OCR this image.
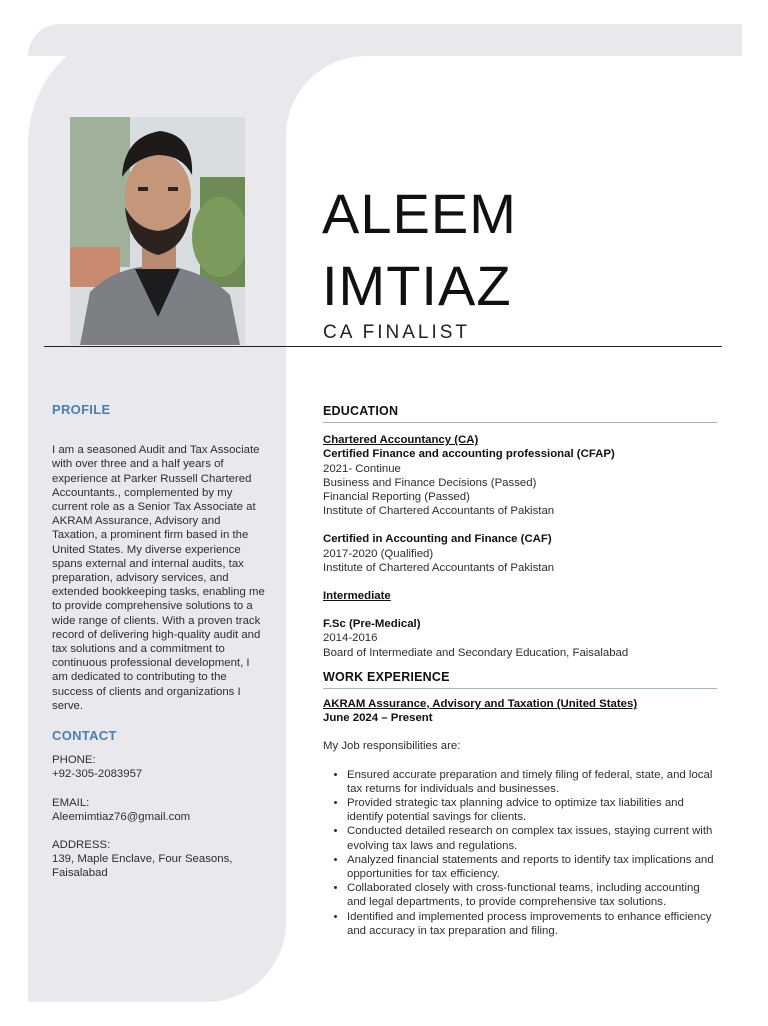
ALEEM
IMTIAZ
CA FINALIST
PROFILE
I am a seasoned Audit and Tax Associate with over three and a half years of experience at Parker Russell Chartered Accountants., complemented by my current role as a Senior Tax Associate at AKRAM Assurance, Advisory and Taxation, a prominent firm based in the United States. My diverse experience spans external and internal audits, tax preparation, advisory services, and extended bookkeeping tasks, enabling me to provide comprehensive solutions to a wide range of clients. With a proven track record of delivering high-quality audit and tax solutions and a commitment to continuous professional development, I am dedicated to contributing to the success of clients and organizations I serve.
CONTACT
PHONE:
+92-305-2083957
EMAIL:
Aleemimtiaz76@gmail.com
ADDRESS:
139, Maple Enclave, Four Seasons,
Faisalabad
EDUCATION
Chartered Accountancy (CA)
Certified Finance and accounting professional (CFAP)
2021- Continue
Business and Finance Decisions (Passed)
Financial Reporting (Passed)
Institute of Chartered Accountants of Pakistan
Certified in Accounting and Finance (CAF)
2017-2020 (Qualified)
Institute of Chartered Accountants of Pakistan
Intermediate
F.Sc (Pre-Medical)
2014-2016
Board of Intermediate and Secondary Education, Faisalabad
WORK EXPERIENCE
AKRAM Assurance, Advisory and Taxation (United States)
June 2024 – Present
My Job responsibilities are:
• Ensured accurate preparation and timely filing of federal, state, and local tax returns for individuals and businesses.
• Provided strategic tax planning advice to optimize tax liabilities and identify potential savings for clients.
• Conducted detailed research on complex tax issues, staying current with evolving tax laws and regulations.
• Analyzed financial statements and reports to identify tax implications and opportunities for tax efficiency.
• Collaborated closely with cross-functional teams, including accounting and legal departments, to provide comprehensive tax solutions.
• Identified and implemented process improvements to enhance efficiency and accuracy in tax preparation and filing.
